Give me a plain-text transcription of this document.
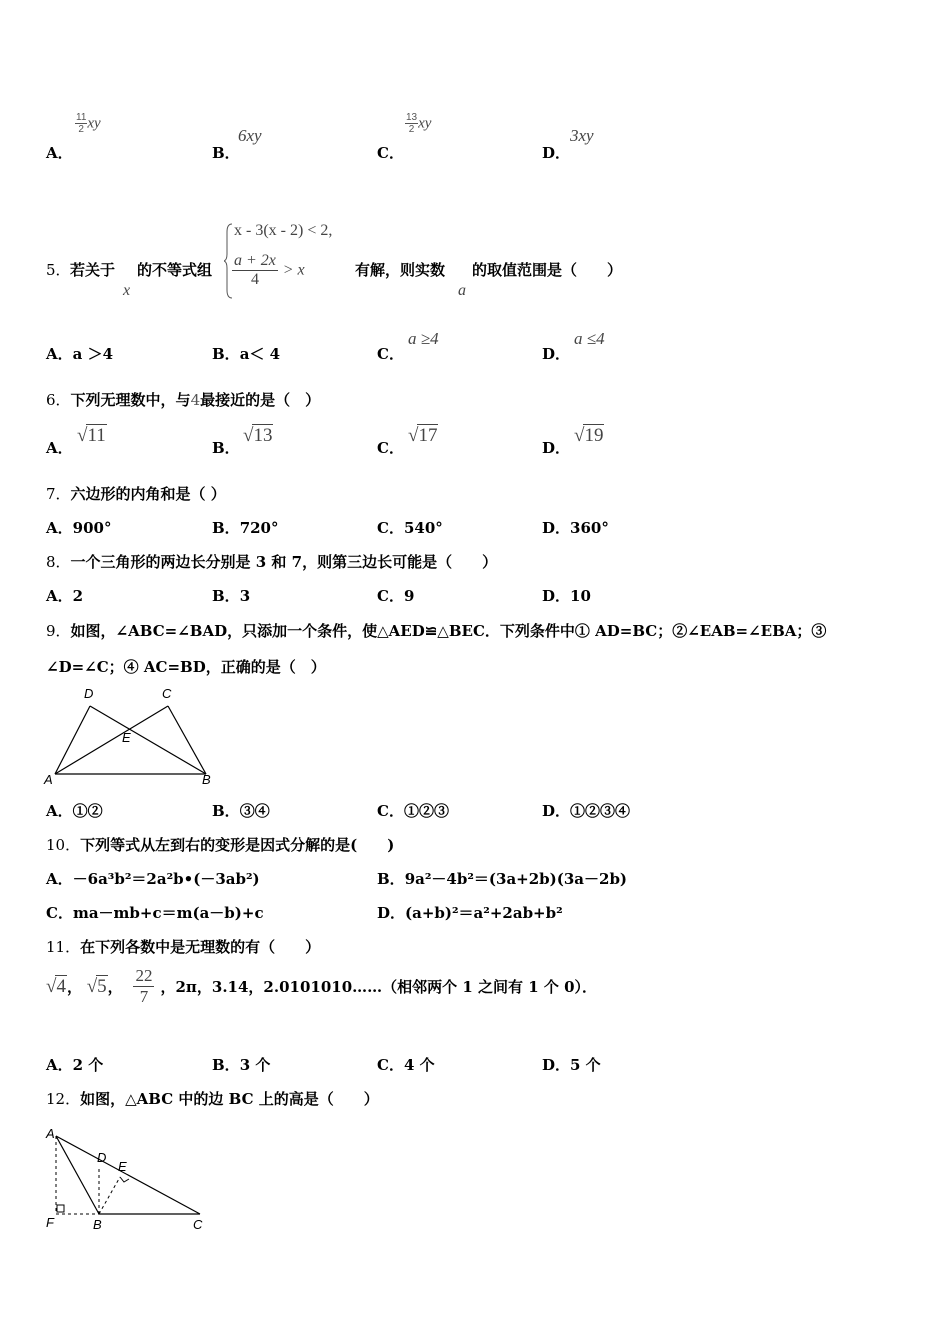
A．
$\frac{11}{2}$ xy
B．
6xy
C．
$\frac{13}{2}$ xy
D．
3xy
5． 若关于
x
的不等式组
x - 3(x - 2) < 2,
$\frac{a + 2x}{4} > x$	有解，则实数
a
的取值范围是（　　）
A．a ＞4	B．a＜ 4	C．
a ≥4
D．
a ≤4
6．下列无理数中，与4最接近的是（　）
A．
√11
B．
√13
C．
√17
D．
√19
7．六边形的内角和是（ ）
A．900°	B．720°	C．540°	D．360°
8．一个三角形的两边长分别是 3 和 7，则第三边长可能是（　　）
A．2	B．3	C．9	D．10
9．如图，∠ABC=∠BAD，只添加一个条件，使△AED≌△BEC．下列条件中① AD=BC；②∠EAB=∠EBA；③
∠D=∠C；④ AC=BD，正确的是（　）
A	B
C
D
E
A．①②	B．③④	C．①②③	D．①②③④
10．下列等式从左到右的变形是因式分解的是(　　)
A．－6a³b²＝2a²b•(－3ab²)	B．9a²－4b²＝(3a+2b)(3a－2b)
C．ma－mb+c＝m(a－b)+c	D．(a+b)²＝a²+2ab+b²
11．在下列各数中是无理数的有（　　）
√4， √5， $\frac{22}{7}$ ，2π，3.14，2.0101010……（相邻两个 1 之间有 1 个 0）．
A．2 个	B．3 个	C．4 个	D．5 个
12．如图，△ABC 中的边 BC 上的高是（　　）
A
B	C
D
E
F
